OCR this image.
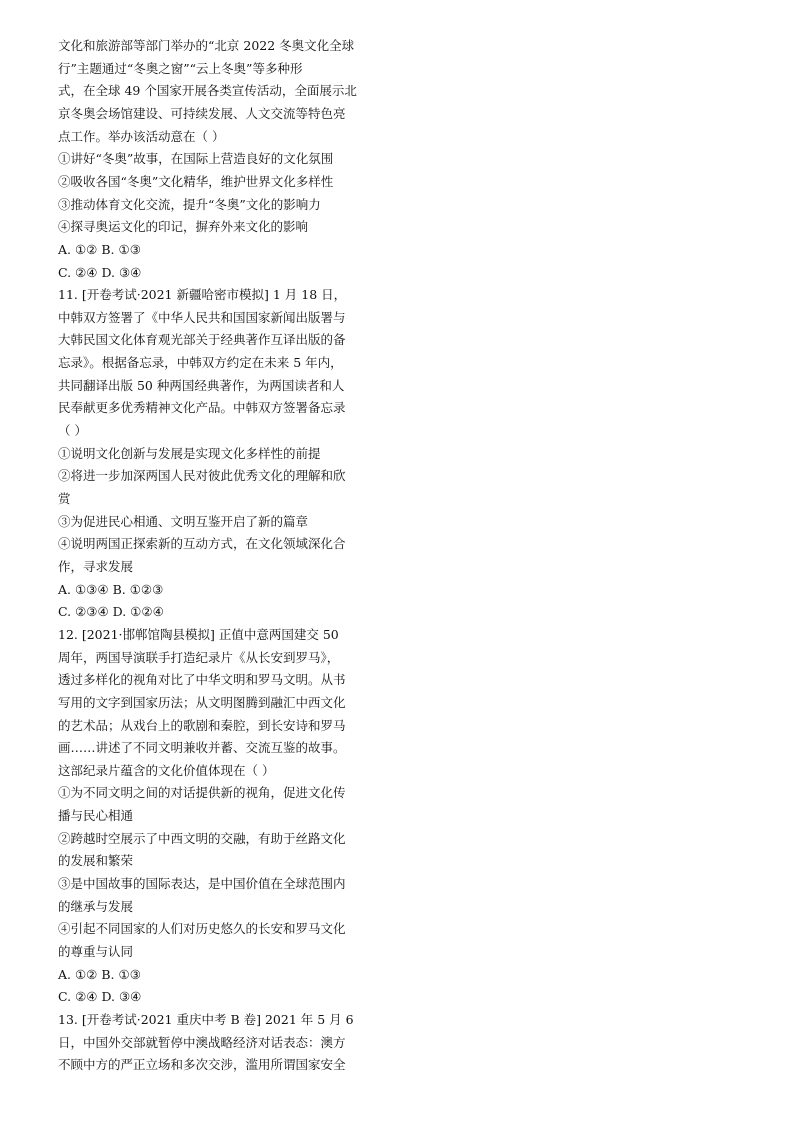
文化和旅游部等部门举办的“北京 2022 冬奥文化全球
行”主题通过“冬奥之窗”“云上冬奥”等多种形
式，在全球 49 个国家开展各类宣传活动，全面展示北
京冬奥会场馆建设、可持续发展、人文交流等特色亮
点工作。举办该活动意在（ ）
①讲好“冬奥”故事，在国际上营造良好的文化氛围
②吸收各国“冬奥”文化精华，维护世界文化多样性
③推动体育文化交流，提升“冬奥”文化的影响力
④探寻奥运文化的印记，摒弃外来文化的影响
A. ①② B. ①③
C. ②④ D. ③④
11. [开卷考试·2021 新疆哈密市模拟] 1 月 18 日，
中韩双方签署了《中华人民共和国国家新闻出版署与
大韩民国文化体育观光部关于经典著作互译出版的备
忘录》。根据备忘录，中韩双方约定在未来 5 年内，
共同翻译出版 50 种两国经典著作，为两国读者和人
民奉献更多优秀精神文化产品。中韩双方签署备忘录
（ ）
①说明文化创新与发展是实现文化多样性的前提
②将进一步加深两国人民对彼此优秀文化的理解和欣
赏
③为促进民心相通、文明互鉴开启了新的篇章
④说明两国正探索新的互动方式，在文化领域深化合
作，寻求发展
A. ①③④ B. ①②③
C. ②③④ D. ①②④
12. [2021·邯郸馆陶县模拟] 正值中意两国建交 50
周年，两国导演联手打造纪录片《从长安到罗马》，
透过多样化的视角对比了中华文明和罗马文明。从书
写用的文字到国家历法；从文明图腾到融汇中西文化
的艺术品；从戏台上的歌剧和秦腔，到长安诗和罗马
画……讲述了不同文明兼收并蓄、交流互鉴的故事。
这部纪录片蕴含的文化价值体现在（ ）
①为不同文明之间的对话提供新的视角，促进文化传
播与民心相通
②跨越时空展示了中西文明的交融，有助于丝路文化
的发展和繁荣
③是中国故事的国际表达，是中国价值在全球范围内
的继承与发展
④引起不同国家的人们对历史悠久的长安和罗马文化
的尊重与认同
A. ①② B. ①③
C. ②④ D. ③④
13. [开卷考试·2021 重庆中考 B 卷] 2021 年 5 月 6
日，中国外交部就暂停中澳战略经济对话表态：澳方
不顾中方的严正立场和多次交涉，滥用所谓国家安全
